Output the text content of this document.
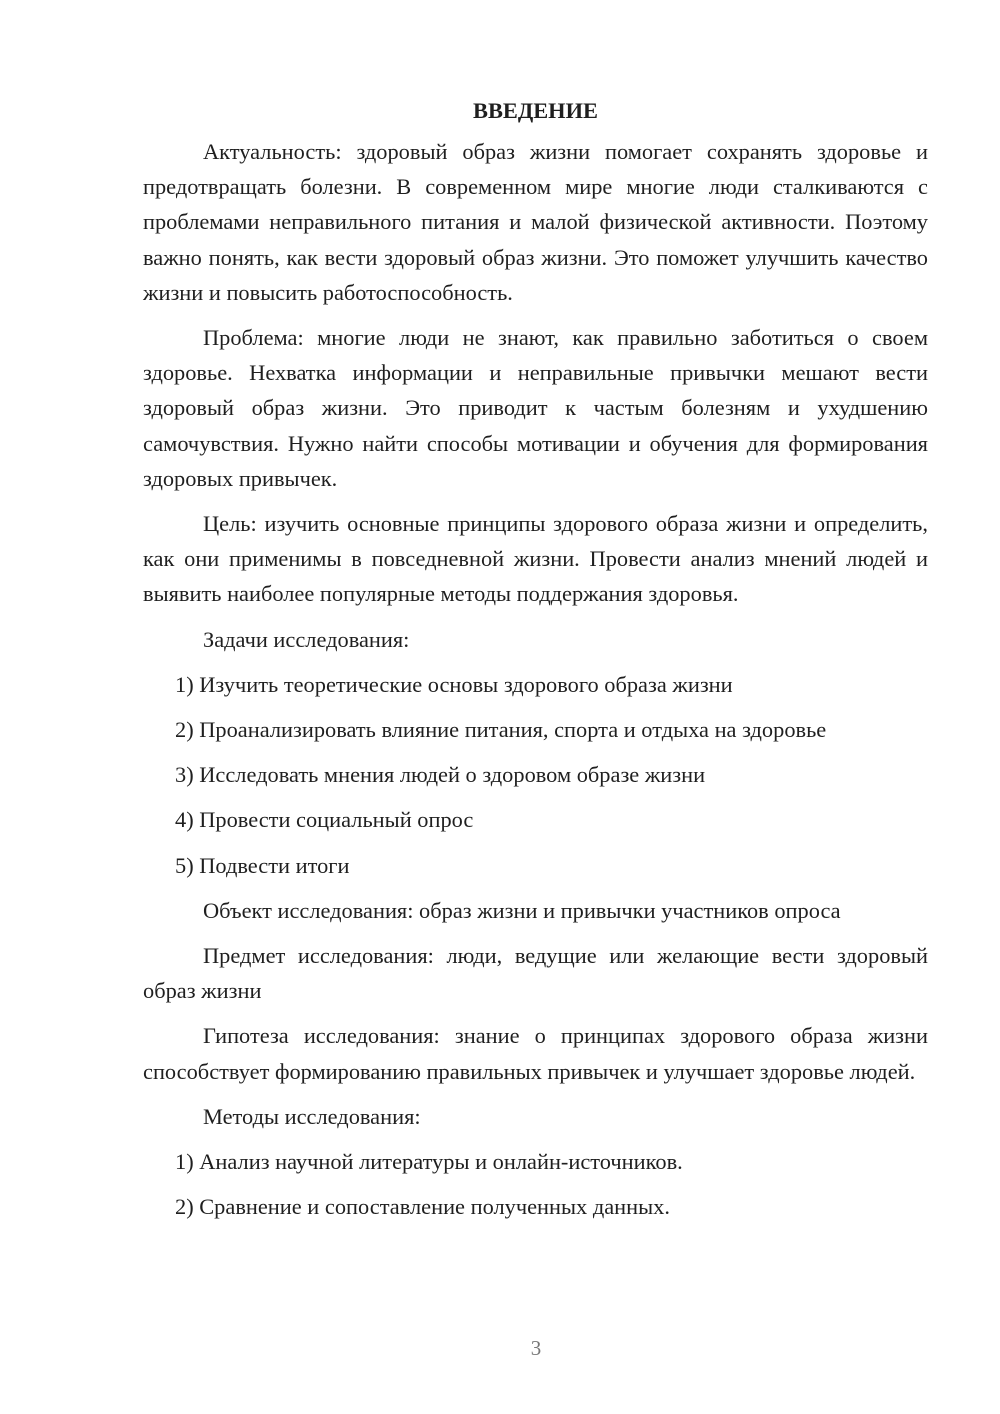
ВВЕДЕНИЕ

Актуальность: здоровый образ жизни помогает сохранять здоровье и предотвращать болезни. В современном мире многие люди сталкиваются с проблемами неправильного питания и малой физической активности. Поэтому важно понять, как вести здоровый образ жизни. Это поможет улучшить качество жизни и повысить работоспособность.

Проблема: многие люди не знают, как правильно заботиться о своем здоровье. Нехватка информации и неправильные привычки мешают вести здоровый образ жизни. Это приводит к частым болезням и ухудшению самочувствия. Нужно найти способы мотивации и обучения для формирования здоровых привычек.

Цель: изучить основные принципы здорового образа жизни и определить, как они применимы в повседневной жизни. Провести анализ мнений людей и выявить наиболее популярные методы поддержания здоровья.

Задачи исследования:

1) Изучить теоретические основы здорового образа жизни

2) Проанализировать влияние питания, спорта и отдыха на здоровье

3) Исследовать мнения людей о здоровом образе жизни

4) Провести социальный опрос

5) Подвести итоги

Объект исследования: образ жизни и привычки участников опроса

Предмет исследования: люди, ведущие или желающие вести здоровый образ жизни

Гипотеза исследования: знание о принципах здорового образа жизни способствует формированию правильных привычек и улучшает здоровье людей.

Методы исследования:

1) Анализ научной литературы и онлайн-источников.

2) Сравнение и сопоставление полученных данных.

3
